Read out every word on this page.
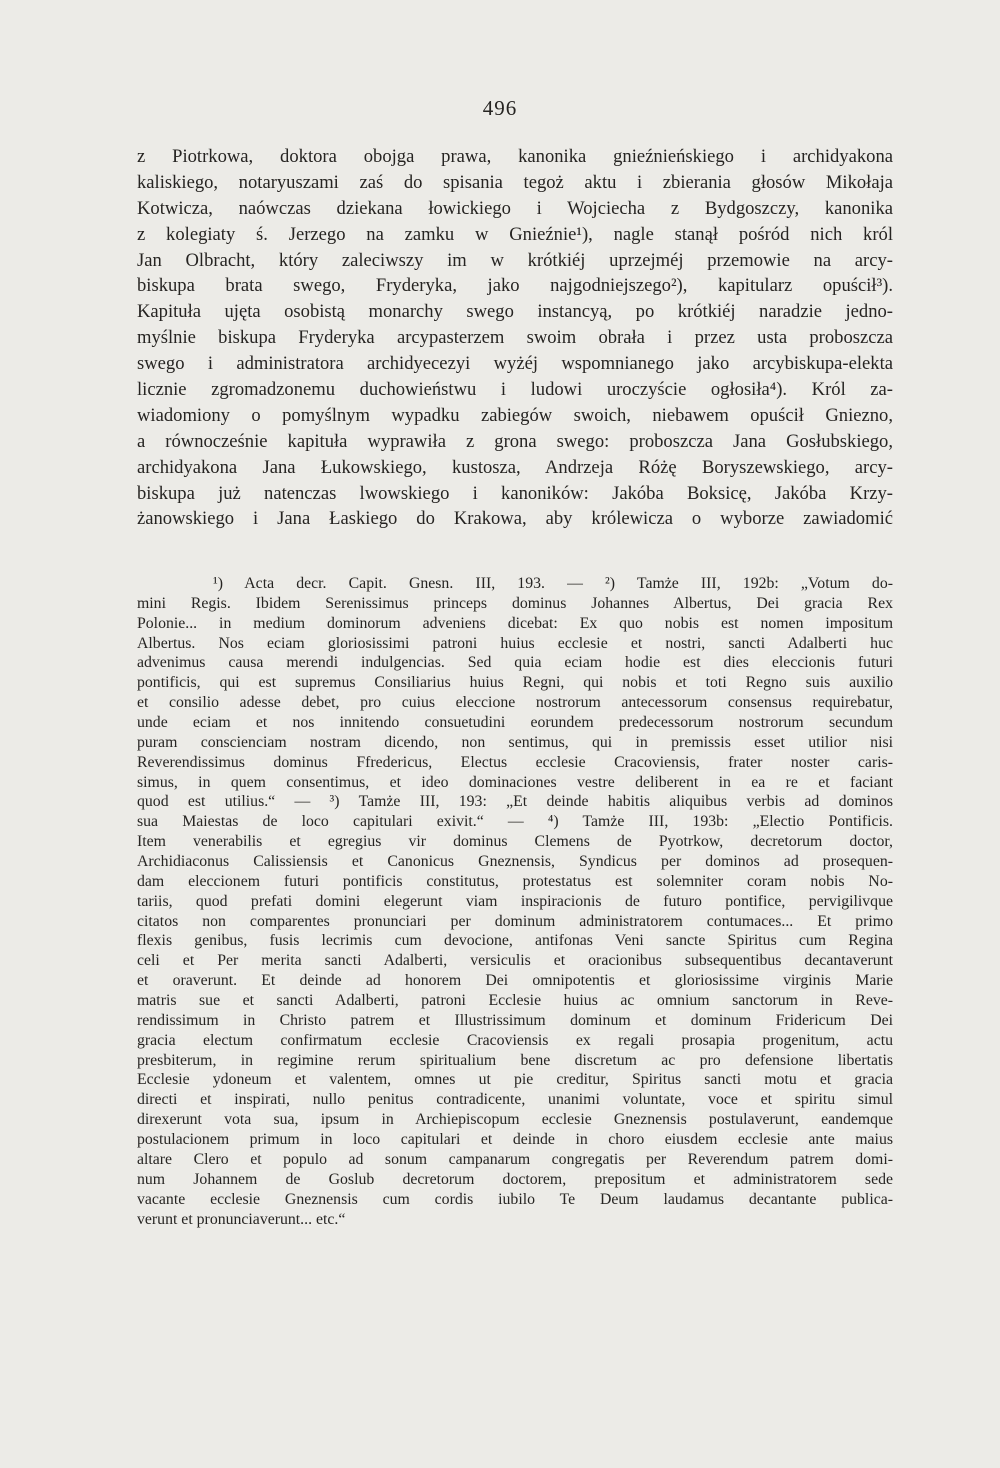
496
z Piotrkowa, doktora obojga prawa, kanonika gnieźnieńskiego i archidyakona
kaliskiego, notaryuszami zaś do spisania tegoż aktu i zbierania głosów Mikołaja
Kotwicza, naówczas dziekana łowickiego i Wojciecha z Bydgoszczy, kanonika
z kolegiaty ś. Jerzego na zamku w Gnieźnie¹), nagle stanął pośród nich król
Jan Olbracht, który zaleciwszy im w krótkiéj uprzejméj przemowie na arcy-
biskupa brata swego, Fryderyka, jako najgodniejszego²), kapitularz opuścił³).
Kapituła ujęta osobistą monarchy swego instancyą, po krótkiéj naradzie jedno-
myślnie biskupa Fryderyka arcypasterzem swoim obrała i przez usta proboszcza
swego i administratora archidyecezyi wyżéj wspomnianego jako arcybiskupa-elekta
licznie zgromadzonemu duchowieństwu i ludowi uroczyście ogłosiła⁴). Król za-
wiadomiony o pomyślnym wypadku zabiegów swoich, niebawem opuścił Gniezno,
a równocześnie kapituła wyprawiła z grona swego: proboszcza Jana Gosłubskiego,
archidyakona Jana Łukowskiego, kustosza, Andrzeja Różę Boryszewskiego, arcy-
biskupa już natenczas lwowskiego i kanoników: Jakóba Boksicę, Jakóba Krzy-
żanowskiego i Jana Łaskiego do Krakowa, aby królewicza o wyborze zawiadomić
¹) Acta decr. Capit. Gnesn. III, 193. — ²) Tamże III, 192b: „Votum do-
mini Regis. Ibidem Serenissimus princeps dominus Johannes Albertus, Dei gracia Rex
Polonie... in medium dominorum adveniens dicebat: Ex quo nobis est nomen impositum
Albertus. Nos eciam gloriosissimi patroni huius ecclesie et nostri, sancti Adalberti huc
advenimus causa merendi indulgencias. Sed quia eciam hodie est dies eleccionis futuri
pontificis, qui est supremus Consiliarius huius Regni, qui nobis et toti Regno suis auxilio
et consilio adesse debet, pro cuius eleccione nostrorum antecessorum consensus requirebatur,
unde eciam et nos innitendo consuetudini eorundem predecessorum nostrorum secundum
puram conscienciam nostram dicendo, non sentimus, qui in premissis esset utilior nisi
Reverendissimus dominus Ffredericus, Electus ecclesie Cracoviensis, frater noster caris-
simus, in quem consentimus, et ideo dominaciones vestre deliberent in ea re et faciant
quod est utilius.“ — ³) Tamże III, 193: „Et deinde habitis aliquibus verbis ad dominos
sua Maiestas de loco capitulari exivit.“ — ⁴) Tamże III, 193b: „Electio Pontificis.
Item venerabilis et egregius vir dominus Clemens de Pyotrkow, decretorum doctor,
Archidiaconus Calissiensis et Canonicus Gneznensis, Syndicus per dominos ad prosequen-
dam eleccionem futuri pontificis constitutus, protestatus est solemniter coram nobis No-
tariis, quod prefati domini elegerunt viam inspiracionis de futuro pontifice, pervigilivque
citatos non comparentes pronunciari per dominum administratorem contumaces... Et primo
flexis genibus, fusis lecrimis cum devocione, antifonas Veni sancte Spiritus cum Regina
celi et Per merita sancti Adalberti, versiculis et oracionibus subsequentibus decantaverunt
et oraverunt. Et deinde ad honorem Dei omnipotentis et gloriosissime virginis Marie
matris sue et sancti Adalberti, patroni Ecclesie huius ac omnium sanctorum in Reve-
rendissimum in Christo patrem et Illustrissimum dominum et dominum Fridericum Dei
gracia electum confirmatum ecclesie Cracoviensis ex regali prosapia progenitum, actu
presbiterum, in regimine rerum spiritualium bene discretum ac pro defensione libertatis
Ecclesie ydoneum et valentem, omnes ut pie creditur, Spiritus sancti motu et gracia
directi et inspirati, nullo penitus contradicente, unanimi voluntate, voce et spiritu simul
direxerunt vota sua, ipsum in Archiepiscopum ecclesie Gneznensis postulaverunt, eandemque
postulacionem primum in loco capitulari et deinde in choro eiusdem ecclesie ante maius
altare Clero et populo ad sonum campanarum congregatis per Reverendum patrem domi-
num Johannem de Goslub decretorum doctorem, prepositum et administratorem sede
vacante ecclesie Gneznensis cum cordis iubilo Te Deum laudamus decantante publica-
verunt et pronunciaverunt... etc.“
